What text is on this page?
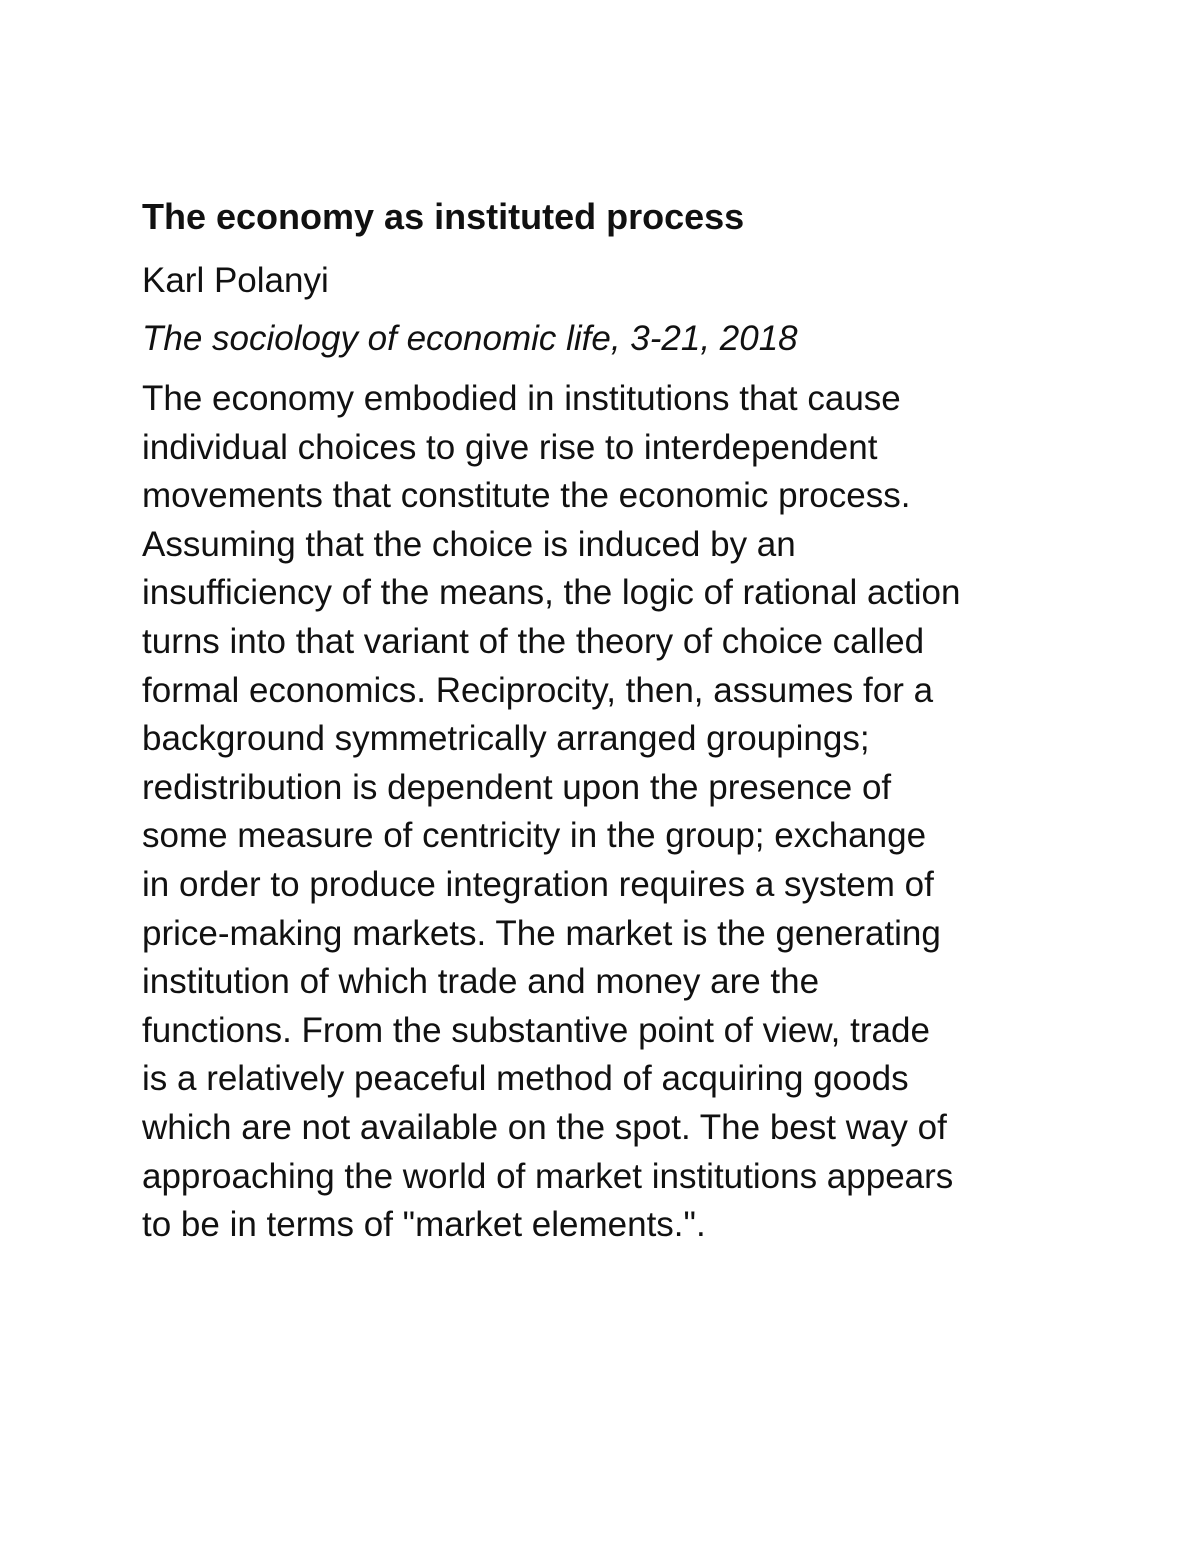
The economy as instituted process
Karl Polanyi
The sociology of economic life, 3-21, 2018
The economy embodied in institutions that cause
individual choices to give rise to interdependent
movements that constitute the economic process.
Assuming that the choice is induced by an
insufficiency of the means, the logic of rational action
turns into that variant of the theory of choice called
formal economics. Reciprocity, then, assumes for a
background symmetrically arranged groupings;
redistribution is dependent upon the presence of
some measure of centricity in the group; exchange
in order to produce integration requires a system of
price-making markets. The market is the generating
institution of which trade and money are the
functions. From the substantive point of view, trade
is a relatively peaceful method of acquiring goods
which are not available on the spot. The best way of
approaching the world of market institutions appears
to be in terms of "market elements.".
